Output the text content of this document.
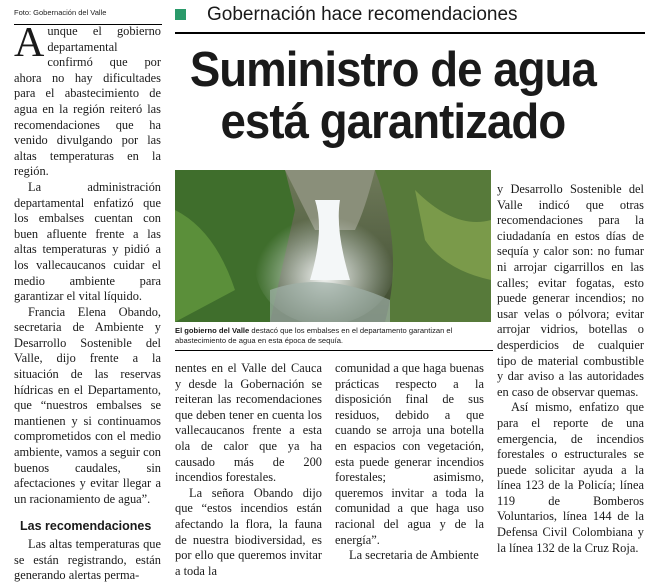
Foto: Gobernación del Valle	Gobernación hace recomendaciones
Suministro de agua está garantizado

Aunque el gobierno departamental confirmó que por ahora no hay dificultades para el abastecimiento de agua en la región reiteró las recomendaciones que ha venido divulgando por las altas temperaturas en la región.

La administración departamental enfatizó que los embalses cuentan con buen afluente frente a las altas temperaturas y pidió a los vallecaucanos cuidar el medio ambiente para garantizar el vital líquido.

Francia Elena Obando, secretaria de Ambiente y Desarrollo Sostenible del Valle, dijo frente a la situación de las reservas hídricas en el Departamento, que “nuestros embalses se mantienen y si continuamos comprometidos con el medio ambiente, vamos a seguir con buenos caudales, sin afectaciones y evitar llegar a un racionamiento de agua”.

Las recomendaciones

Las altas temperaturas que se están registrando, están generando alertas perma-

El gobierno del Valle destacó que los embalses en el departamento garantizan el abastecimiento de agua en esta época de sequía.

nentes en el Valle del Cauca y desde la Gobernación se reiteran las recomendaciones que deben tener en cuenta los vallecaucanos frente a esta ola de calor que ya ha causado más de 200 incendios forestales.

La señora Obando dijo que “estos incendios están afectando la flora, la fauna de nuestra biodiversidad, es por ello que queremos invitar a toda la

comunidad a que haga buenas prácticas respecto a la disposición final de sus residuos, debido a que cuando se arroja una botella en espacios con vegetación, esta puede generar incendios forestales; asimismo, queremos invitar a toda la comunidad a que haga uso racional del agua y de la energía”.

La secretaria de Ambiente

y Desarrollo Sostenible del Valle indicó que otras recomendaciones para la ciudadanía en estos días de sequía y calor son: no fumar ni arrojar cigarrillos en las calles; evitar fogatas, esto puede generar incendios; no usar velas o pólvora; evitar arrojar vidrios, botellas o desperdicios de cualquier tipo de material combustible y dar aviso a las autoridades en caso de observar quemas.

Así mismo, enfatizo que para el reporte de una emergencia, de incendios forestales o estructurales se puede solicitar ayuda a la línea 123 de la Policía; línea 119 de Bomberos Voluntarios, línea 144 de la Defensa Civil Colombiana y la línea 132 de la Cruz Roja.
